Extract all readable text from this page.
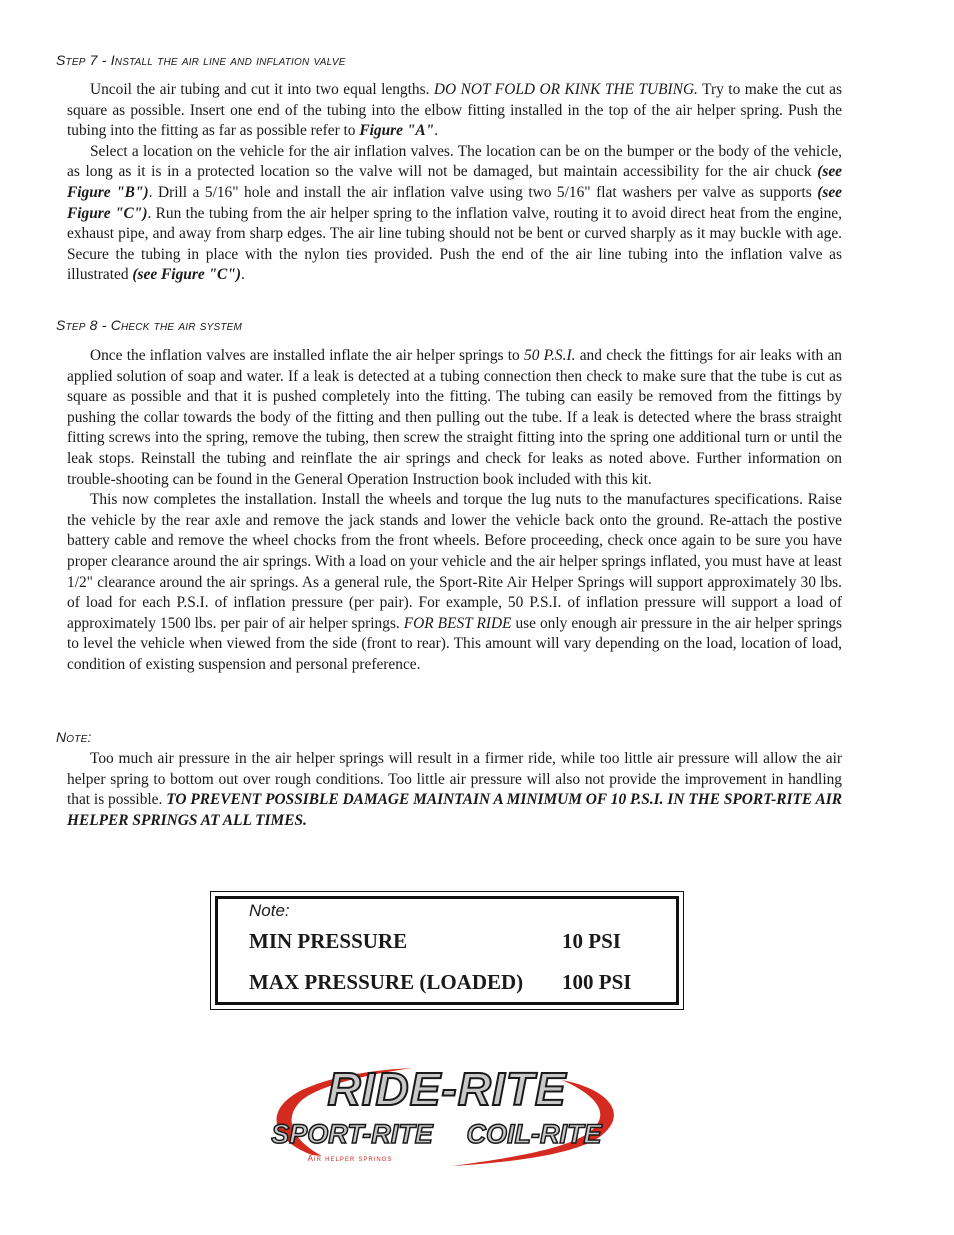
Step 7 - Install the air line and inflation valve

Uncoil the air tubing and cut it into two equal lengths. DO NOT FOLD OR KINK THE TUBING. Try to make the cut as square as possible. Insert one end of the tubing into the elbow fitting installed in the top of the air helper spring. Push the tubing into the fitting as far as possible refer to Figure "A".

Select a location on the vehicle for the air inflation valves. The location can be on the bumper or the body of the vehicle, as long as it is in a protected location so the valve will not be damaged, but maintain accessibility for the air chuck (see Figure "B"). Drill a 5/16" hole and install the air inflation valve using two 5/16" flat washers per valve as supports (see Figure "C"). Run the tubing from the air helper spring to the inflation valve, routing it to avoid direct heat from the engine, exhaust pipe, and away from sharp edges. The air line tubing should not be bent or curved sharply as it may buckle with age. Secure the tubing in place with the nylon ties provided. Push the end of the air line tubing into the inflation valve as illustrated (see Figure "C").

Step 8 - Check the air system

Once the inflation valves are installed inflate the air helper springs to 50 P.S.I. and check the fittings for air leaks with an applied solution of soap and water. If a leak is detected at a tubing connection then check to make sure that the tube is cut as square as possible and that it is pushed completely into the fitting. The tubing can easily be removed from the fittings by pushing the collar towards the body of the fitting and then pulling out the tube. If a leak is detected where the brass straight fitting screws into the spring, remove the tubing, then screw the straight fitting into the spring one additional turn or until the leak stops. Reinstall the tubing and reinflate the air springs and check for leaks as noted above. Further information on trouble-shooting can be found in the General Operation Instruction book included with this kit.

This now completes the installation. Install the wheels and torque the lug nuts to the manufactures specifications. Raise the vehicle by the rear axle and remove the jack stands and lower the vehicle back onto the ground. Re-attach the postive battery cable and remove the wheel chocks from the front wheels. Before proceeding, check once again to be sure you have proper clearance around the air springs. With a load on your vehicle and the air helper springs inflated, you must have at least 1/2" clearance around the air springs. As a general rule, the Sport-Rite Air Helper Springs will support approximately 30 lbs. of load for each P.S.I. of inflation pressure (per pair). For example, 50 P.S.I. of inflation pressure will support a load of approximately 1500 lbs. per pair of air helper springs. FOR BEST RIDE use only enough air pressure in the air helper springs to level the vehicle when viewed from the side (front to rear). This amount will vary depending on the load, location of load, condition of existing suspension and personal preference.

Note:

Too much air pressure in the air helper springs will result in a firmer ride, while too little air pressure will allow the air helper spring to bottom out over rough conditions. Too little air pressure will also not provide the improvement in handling that is possible. TO PREVENT POSSIBLE DAMAGE MAINTAIN A MINIMUM OF 10 P.S.I. IN THE SPORT-RITE AIR HELPER SPRINGS AT ALL TIMES.

Note:
MIN PRESSURE	10 PSI
MAX PRESSURE (LOADED) 100 PSI
RIDE-RITE
SPORT-RITE COIL-RITE
Air helper springs
